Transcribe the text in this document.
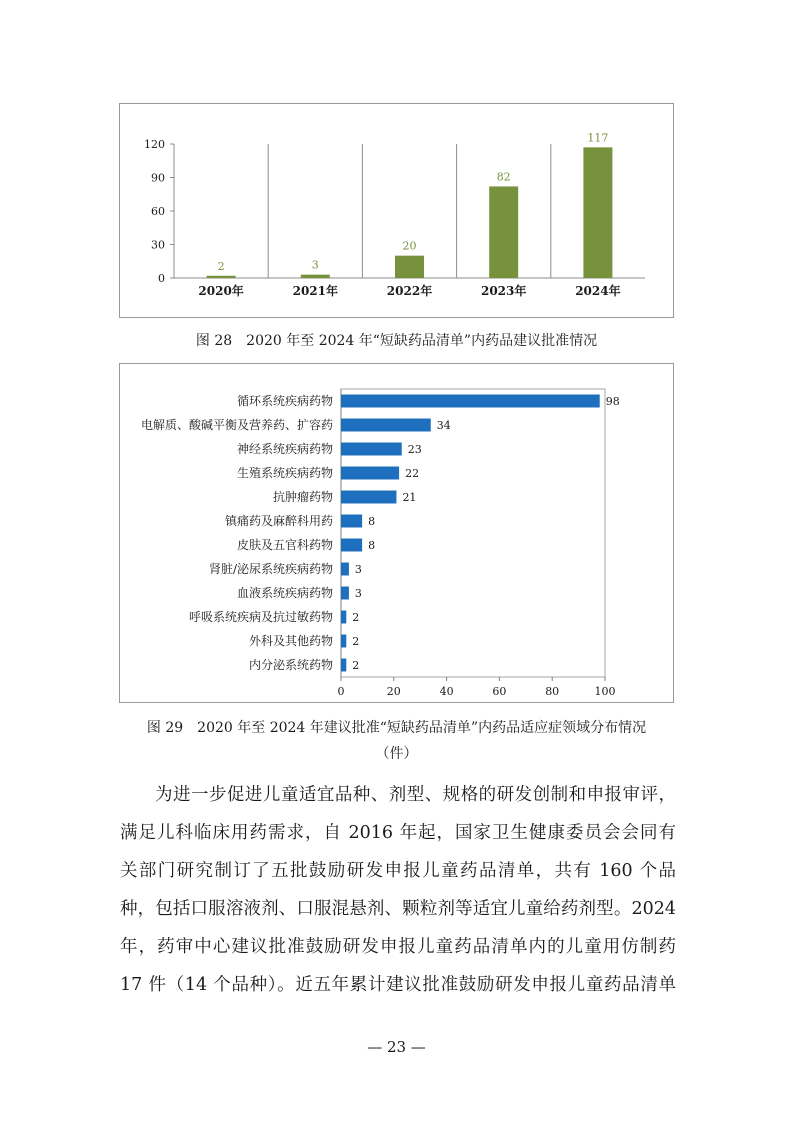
0
30
60
90
120
2
2020年
3
2021年
20
2022年
82
2023年
117
2024年
图 28　2020 年至 2024 年“短缺药品清单”内药品建议批准情况
0	20	40	60	80	100
98
循环系统疾病药物
34
电解质、酸碱平衡及营养药、扩容药
23
神经系统疾病药物
22
生殖系统疾病药物
21
抗肿瘤药物
8
镇痛药及麻醉科用药
8
皮肤及五官科药物
3
肾脏/泌尿系统疾病药物
3
血液系统疾病药物
2
呼吸系统疾病及抗过敏药物
2
外科及其他药物
2
内分泌系统药物
图 29　2020 年至 2024 年建议批准“短缺药品清单”内药品适应症领域分布情况
（件）

为进一步促进儿童适宜品种、剂型、规格的研发创制和申报审评，

满足儿科临床用药需求，自 2016 年起，国家卫生健康委员会会同有

关部门研究制订了五批鼓励研发申报儿童药品清单，共有 160 个品

种，包括口服溶液剂、口服混悬剂、颗粒剂等适宜儿童给药剂型。2024

年，药审中心建议批准鼓励研发申报儿童药品清单内的儿童用仿制药

17 件（14 个品种）。近五年累计建议批准鼓励研发申报儿童药品清单

— 23 —
